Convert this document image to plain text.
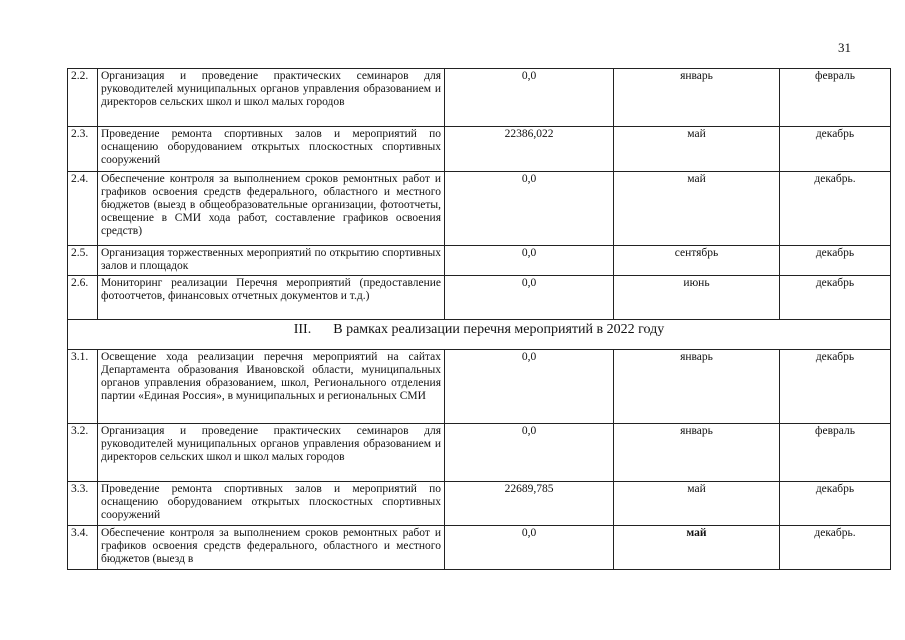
31
2.2.	Организация и проведение практических семинаров для руководителей муниципальных органов управления образованием и директоров сельских школ и школ малых городов	0,0	январь	февраль
2.3.	Проведение ремонта спортивных залов и мероприятий по оснащению оборудованием открытых плоскостных спортивных сооружений	22386,022	май	декабрь
2.4.	Обеспечение контроля за выполнением сроков ремонтных работ и графиков освоения средств федерального, областного и местного бюджетов (выезд в общеобразовательные организации, фотоотчеты, освещение в СМИ хода работ, составление графиков освоения средств)	0,0	май	декабрь.
2.5.	Организация торжественных мероприятий по открытию спортивных залов и площадок	0,0	сентябрь	декабрь
2.6.	Мониторинг реализации Перечня мероприятий (предоставление фотоотчетов, финансовых отчетных документов и т.д.)	0,0	июнь	декабрь
III. В рамках реализации перечня мероприятий в 2022 году				
3.1.	Освещение хода реализации перечня мероприятий на сайтах Департамента образования Ивановской области, муниципальных органов управления образованием, школ, Регионального отделения партии «Единая Россия», в муниципальных и региональных СМИ	0,0	январь	декабрь
3.2.	Организация и проведение практических семинаров для руководителей муниципальных органов управления образованием и директоров сельских школ и школ малых городов	0,0	январь	февраль
3.3.	Проведение ремонта спортивных залов и мероприятий по оснащению оборудованием открытых плоскостных спортивных сооружений	22689,785	май	декабрь
3.4.	Обеспечение контроля за выполнением сроков ремонтных работ и графиков освоения средств федерального, областного и местного бюджетов (выезд в	0,0	май	декабрь.
